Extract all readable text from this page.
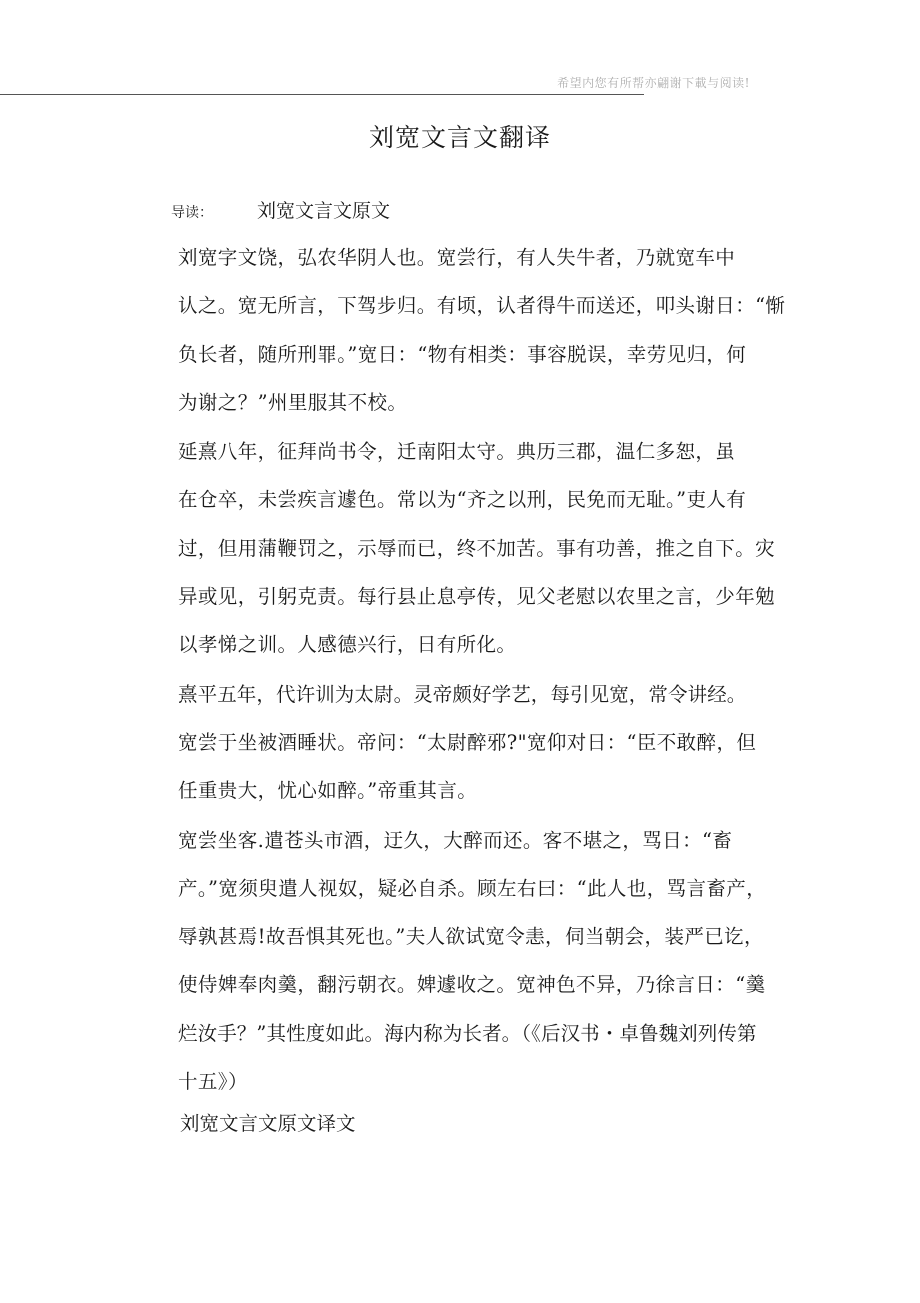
希望内您有所帮亦翩谢下載与阅读!
刘宽文言文翻译
导读： 刘宽文言文原文

刘宽字文饶，弘农华阴人也。宽尝行，有人失牛者，乃就宽车中
认之。宽无所言，下驾步归。有顷，认者得牛而送还，叩头谢日：“惭
负长者，随所刑罪。”宽日：“物有相类：事容脱误，幸劳见归，何
为谢之？”州里服其不校。

延熹八年，征拜尚书令，迁南阳太守。典历三郡，温仁多恕，虽
在仓卒，未尝疾言遽色。常以为“齐之以刑，民免而无耻。”吏人有
过，但用蒲鞭罚之，示辱而已，终不加苦。事有功善，推之自下。灾
异或见，引躬克责。每行县止息亭传，见父老慰以农里之言，少年勉
以孝悌之训。人感德兴行，日有所化。

熹平五年，代许训为太尉。灵帝颇好学艺，每引见宽，常令讲经。
宽尝于坐被酒睡状。帝问：“太尉醉邪?"宽仰对日：“臣不敢醉，但
任重贵大，忧心如醉。”帝重其言。

宽尝坐客.遣苍头市酒，迂久，大醉而还。客不堪之，骂日：“畜
产。”宽须臾遣人视奴，疑必自杀。顾左右曰：“此人也，骂言畜产，
辱孰甚焉!故吾惧其死也。”夫人欲试宽令恚，伺当朝会，装严已讫，
使侍婢奉肉羹，翻污朝衣。婢遽收之。宽神色不异，乃徐言日：“羹
烂汝手？”其性度如此。海内称为长者。（《后汉书・卓鲁魏刘列传第
十五》）

刘宽文言文原文译文
